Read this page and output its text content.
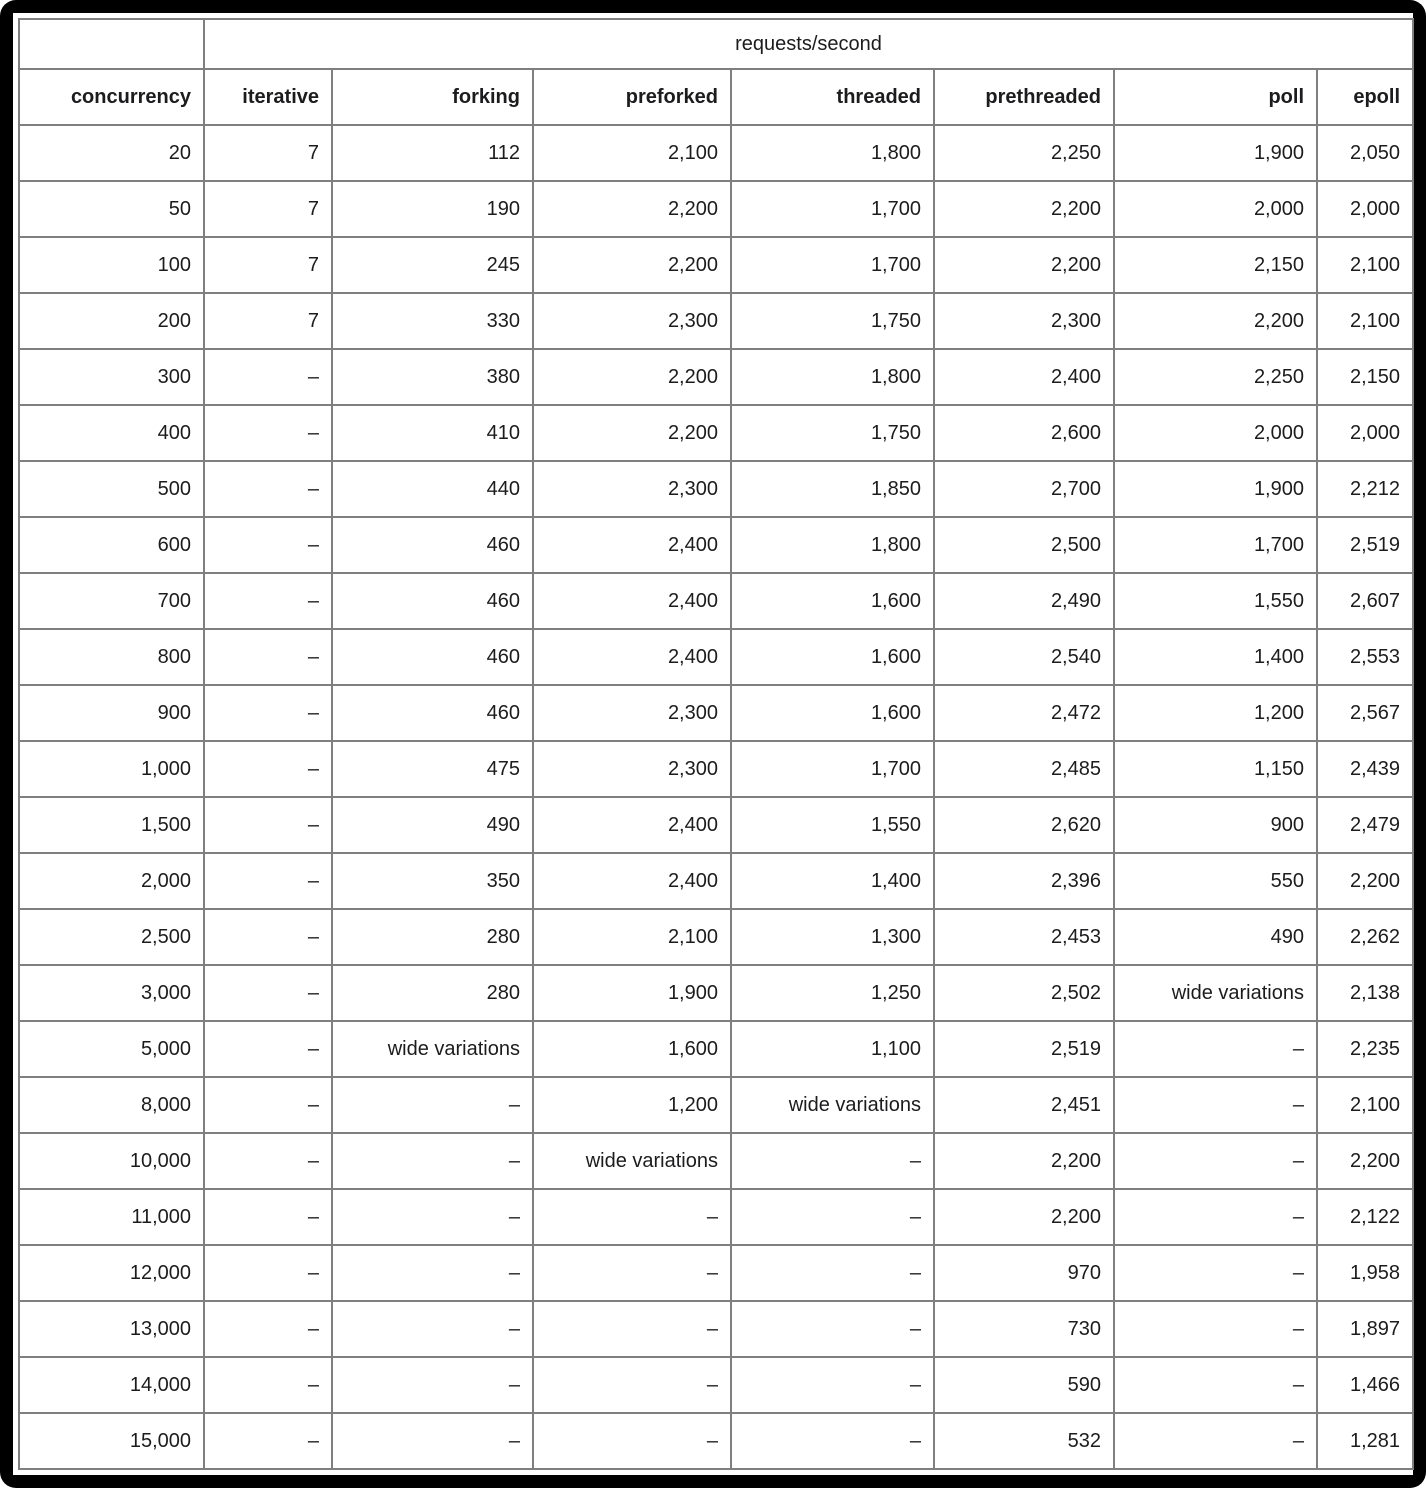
	requests/second						
concurrency	iterative	forking	preforked	threaded	prethreaded	poll	epoll
20	7	112	2,100	1,800	2,250	1,900	2,050
50	7	190	2,200	1,700	2,200	2,000	2,000
100	7	245	2,200	1,700	2,200	2,150	2,100
200	7	330	2,300	1,750	2,300	2,200	2,100
300	–	380	2,200	1,800	2,400	2,250	2,150
400	–	410	2,200	1,750	2,600	2,000	2,000
500	–	440	2,300	1,850	2,700	1,900	2,212
600	–	460	2,400	1,800	2,500	1,700	2,519
700	–	460	2,400	1,600	2,490	1,550	2,607
800	–	460	2,400	1,600	2,540	1,400	2,553
900	–	460	2,300	1,600	2,472	1,200	2,567
1,000	–	475	2,300	1,700	2,485	1,150	2,439
1,500	–	490	2,400	1,550	2,620	900	2,479
2,000	–	350	2,400	1,400	2,396	550	2,200
2,500	–	280	2,100	1,300	2,453	490	2,262
3,000	–	280	1,900	1,250	2,502	wide variations	2,138
5,000	–	wide variations	1,600	1,100	2,519	–	2,235
8,000	–	–	1,200	wide variations	2,451	–	2,100
10,000	–	–	wide variations	–	2,200	–	2,200
11,000	–	–	–	–	2,200	–	2,122
12,000	–	–	–	–	970	–	1,958
13,000	–	–	–	–	730	–	1,897
14,000	–	–	–	–	590	–	1,466
15,000	–	–	–	–	532	–	1,281
